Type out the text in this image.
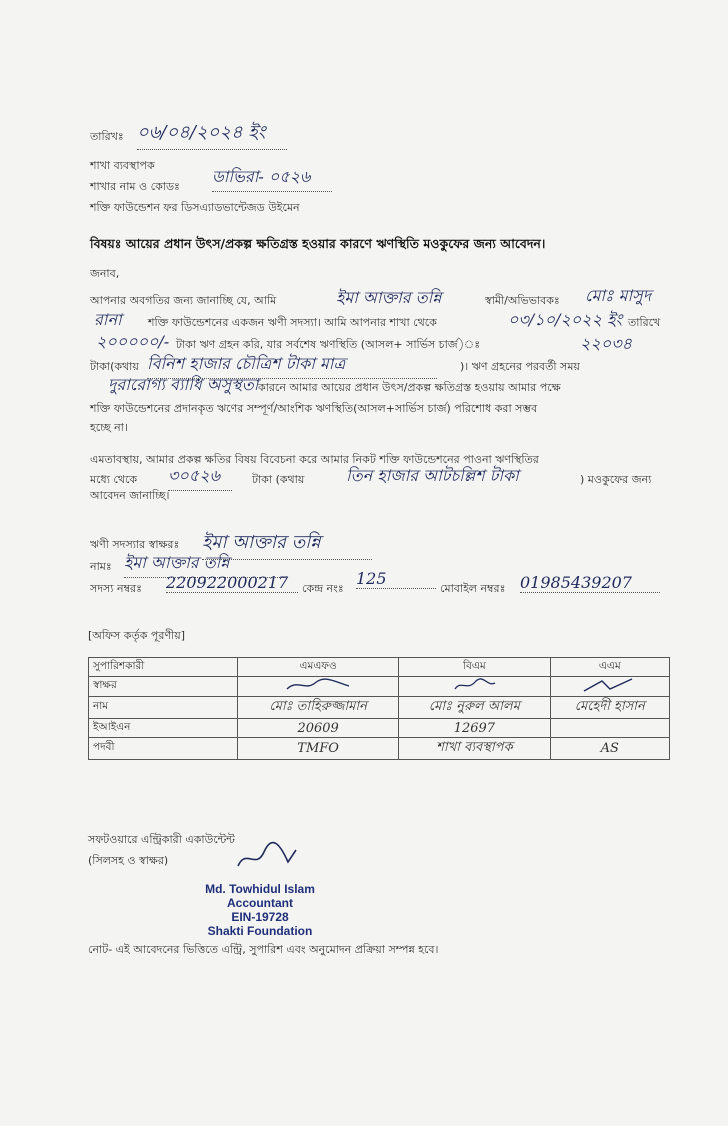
তারিখঃ ০৬/০৪/২০২৪ ইং
শাখা ব্যবস্থাপক
শাখার নাম ও কোডঃ
ডাভিরা- ০৫২৬
শক্তি ফাউন্ডেশন ফর ডিসএ্যাডভান্টেজড উইমেন
বিষয়ঃ আয়ের প্রধান উৎস/প্রকল্প ক্ষতিগ্রস্ত হওয়ার কারণে ঋণস্থিতি মওকুফের জন্য আবেদন।
জনাব,
আপনার অবগতির জন্য জানাচ্ছি যে, আমি	ইমা আক্তার তন্নি	স্বামী/অভিভাবকঃ মোঃ মাসুদ
রানা শক্তি ফাউন্ডেশনের একজন ঋণী সদস্যা। আমি আপনার শাখা থেকে	০৩/১০/২০২২ ইং তারিখে
২০০০০০/- টাকা ঋণ গ্রহন করি, যার সর্বশেষ ঋণস্থিতি (আসল+ সার্ভিস চার্জ)ঃ	২২০৩৪
টাকা(কথায় বিনিশ হাজার চৌত্রিশ টাকা মাত্র	)। ঋণ গ্রহনের পরবর্তী সময়
দুরারোগ্য ব্যাধি অসুস্থতা কারনে আমার আয়ের প্রধান উৎস/প্রকল্প ক্ষতিগ্রস্ত হওয়ায় আমার পক্ষে
শক্তি ফাউন্ডেশনের প্রদানকৃত ঋণের সম্পূর্ণ/আংশিক ঋণস্থিতি(আসল+সার্ভিস চার্জ) পরিশোধ করা সম্ভব
হচ্ছে না।
এমতাবস্থায়, আমার প্রকল্প ক্ষতির বিষয় বিবেচনা করে আমার নিকট শক্তি ফাউন্ডেশনের পাওনা ঋণস্থিতির
মধ্যে থেকে ৩০৫২৬	টাকা (কথায়	তিন হাজার আটচল্লিশ টাকা	) মওকুফের জন্য
আবেদন জানাচ্ছি।
ঋণী সদস্যার স্বাক্ষরঃ ইমা আক্তার তন্নি
নামঃ ইমা আক্তার তন্নি
সদস্য নম্বরঃ 220922000217	কেন্দ্র নংঃ
125
মোবাইল নম্বরঃ 01985439207
[অফিস কর্তৃক পূরণীয়]
সুপারিশকারী	এমএফও	বিএম	এএম
স্বাক্ষর			
নাম	মোঃ তাহিরুজ্জামান	মোঃ নুরুল আলম	মেহেদী হাসান
ইআইএন	20609	12697	
পদবী	TMFO	শাখা ব্যবস্থাপক	AS
সফটওয়ারে এন্ট্রিকারী একাউন্টেন্ট
(সিলসহ ও স্বাক্ষর)
Md. Towhidul Islam
Accountant
EIN-19728
Shakti Foundation
নোট- এই আবেদনের ভিত্তিতে এন্ট্রি, সুপারিশ এবং অনুমোদন প্রক্রিয়া সম্পন্ন হবে।
